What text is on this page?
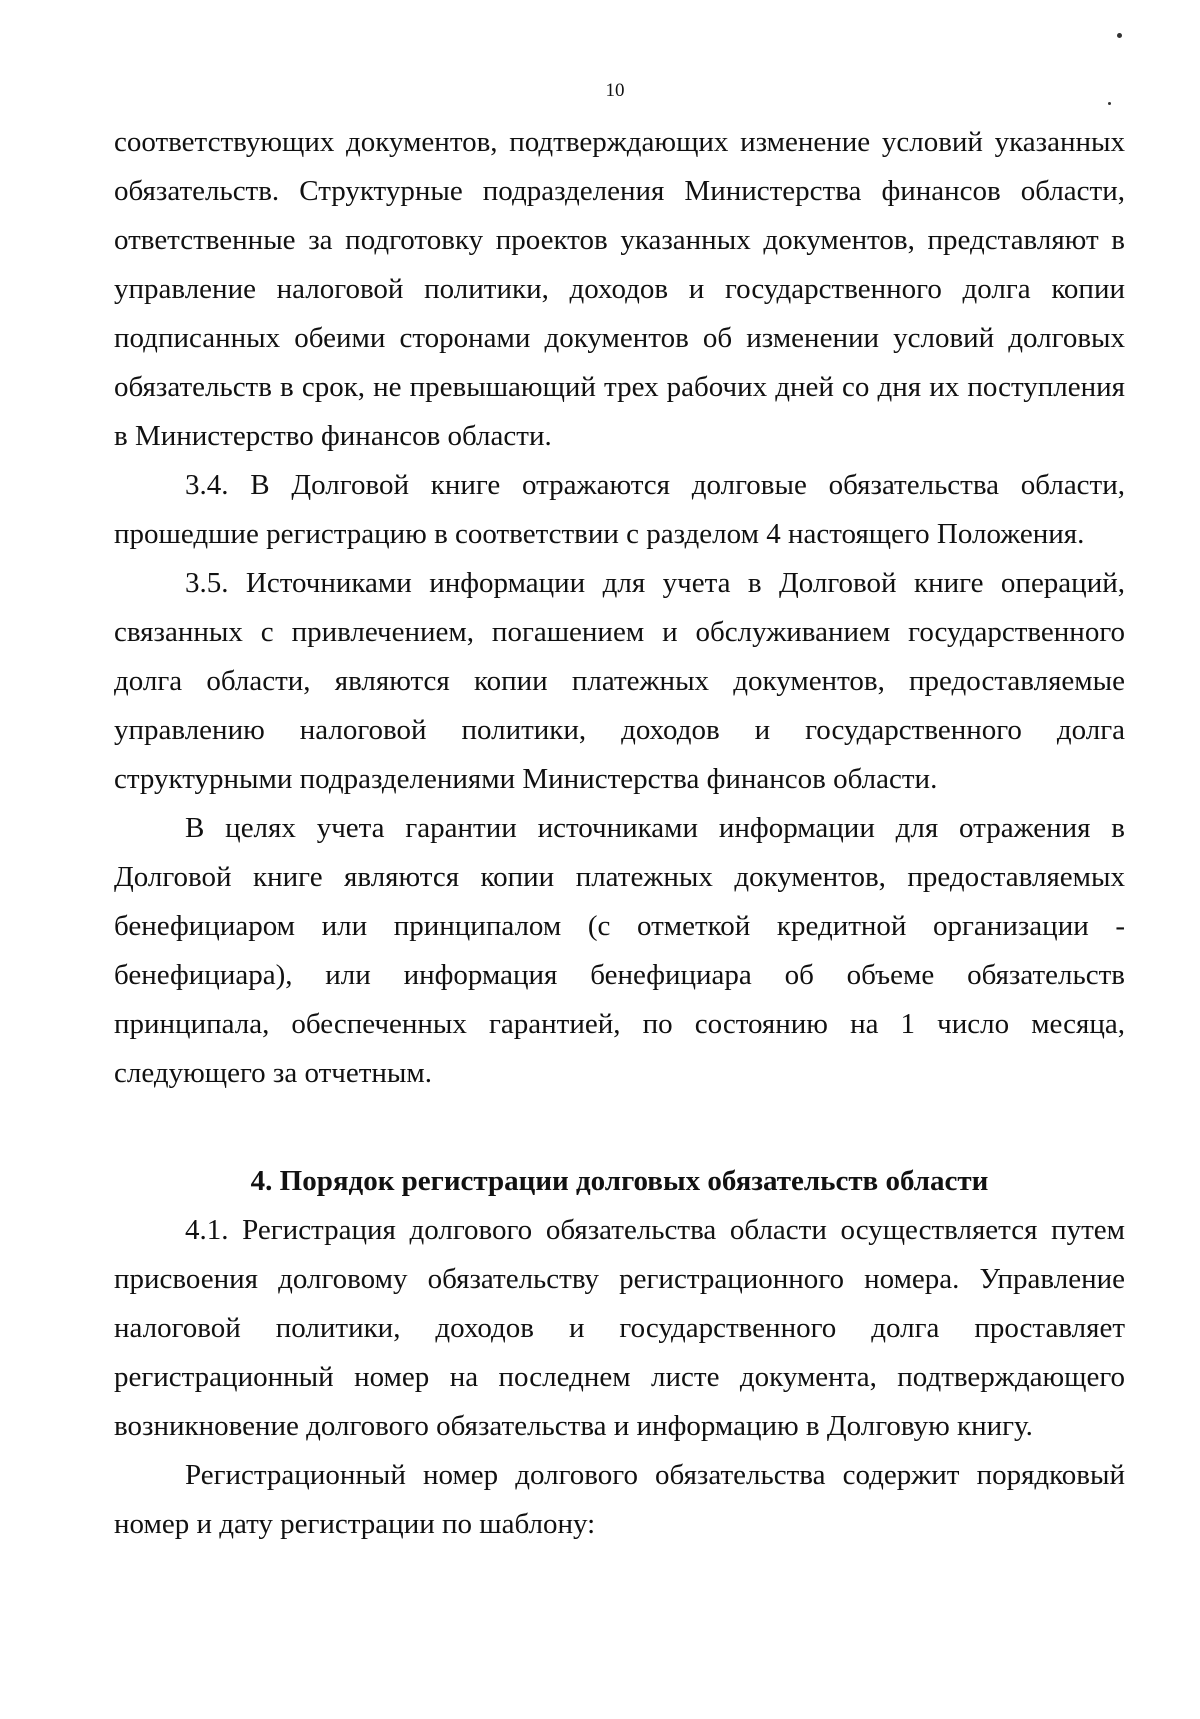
10

соответствующих документов, подтверждающих изменение условий указанных обязательств. Структурные подразделения Министерства финансов области, ответственные за подготовку проектов указанных документов, представляют в управление налоговой политики, доходов и государственного долга копии подписанных обеими сторонами документов об изменении условий долговых обязательств в срок, не превышающий трех рабочих дней со дня их поступления в Министерство финансов области.

3.4. В Долговой книге отражаются долговые обязательства области, прошедшие регистрацию в соответствии с разделом 4 настоящего Положения.

3.5. Источниками информации для учета в Долговой книге операций, связанных с привлечением, погашением и обслуживанием государственного долга области, являются копии платежных документов, предоставляемые управлению налоговой политики, доходов и государственного долга структурными подразделениями Министерства финансов области.

В целях учета гарантии источниками информации для отражения в Долговой книге являются копии платежных документов, предоставляемых бенефициаром или принципалом (с отметкой кредитной организации - бенефициара), или информация бенефициара об объеме обязательств принципала, обеспеченных гарантией, по состоянию на 1 число месяца, следующего за отчетным.

4. Порядок регистрации долговых обязательств области

4.1. Регистрация долгового обязательства области осуществляется путем присвоения долговому обязательству регистрационного номера. Управление налоговой политики, доходов и государственного долга проставляет регистрационный номер на последнем листе документа, подтверждающего возникновение долгового обязательства и информацию в Долговую книгу.

Регистрационный номер долгового обязательства содержит порядковый номер и дату регистрации по шаблону:
